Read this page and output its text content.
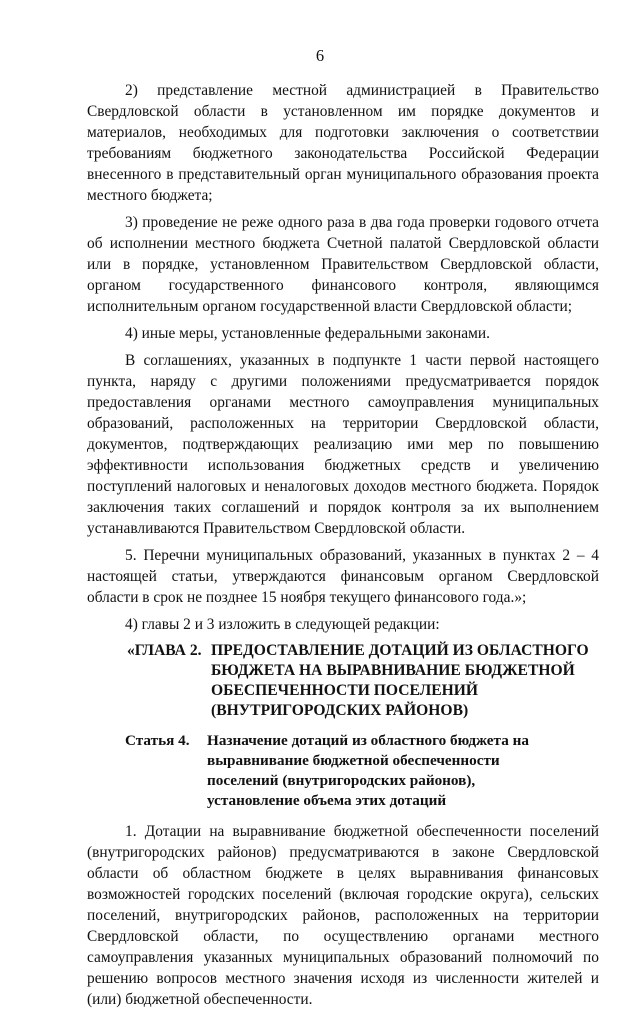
6

2) представление местной администрацией в Правительство Свердловской области в установленном им порядке документов и материалов, необходимых для подготовки заключения о соответствии требованиям бюджетного законодательства Российской Федерации внесенного в представительный орган муниципального образования проекта местного бюджета;

3) проведение не реже одного раза в два года проверки годового отчета об исполнении местного бюджета Счетной палатой Свердловской области или в порядке, установленном Правительством Свердловской области, органом государственного финансового контроля, являющимся исполнительным органом государственной власти Свердловской области;

4) иные меры, установленные федеральными законами.

В соглашениях, указанных в подпункте 1 части первой настоящего пункта, наряду с другими положениями предусматривается порядок предоставления органами местного самоуправления муниципальных образований, расположенных на территории Свердловской области, документов, подтверждающих реализацию ими мер по повышению эффективности использования бюджетных средств и увеличению поступлений налоговых и неналоговых доходов местного бюджета. Порядок заключения таких соглашений и порядок контроля за их выполнением устанавливаются Правительством Свердловской области.

5. Перечни муниципальных образований, указанных в пунктах 2 – 4 настоящей статьи, утверждаются финансовым органом Свердловской области в срок не позднее 15 ноября текущего финансового года.»;

4) главы 2 и 3 изложить в следующей редакции:

«ГЛАВА 2. ПРЕДОСТАВЛЕНИЕ ДОТАЦИЙ ИЗ ОБЛАСТНОГО БЮДЖЕТА НА ВЫРАВНИВАНИЕ БЮДЖЕТНОЙ ОБЕСПЕЧЕННОСТИ ПОСЕЛЕНИЙ (ВНУТРИГОРОДСКИХ РАЙОНОВ)
Статья 4.	Назначение дотаций из областного бюджета на выравнивание бюджетной обеспеченности поселений (внутригородских районов), установление объема этих дотаций

1. Дотации на выравнивание бюджетной обеспеченности поселений (внутригородских районов) предусматриваются в законе Свердловской области об областном бюджете в целях выравнивания финансовых возможностей городских поселений (включая городские округа), сельских поселений, внутригородских районов, расположенных на территории Свердловской области, по осуществлению органами местного самоуправления указанных муниципальных образований полномочий по решению вопросов местного значения исходя из численности жителей и (или) бюджетной обеспеченности.
